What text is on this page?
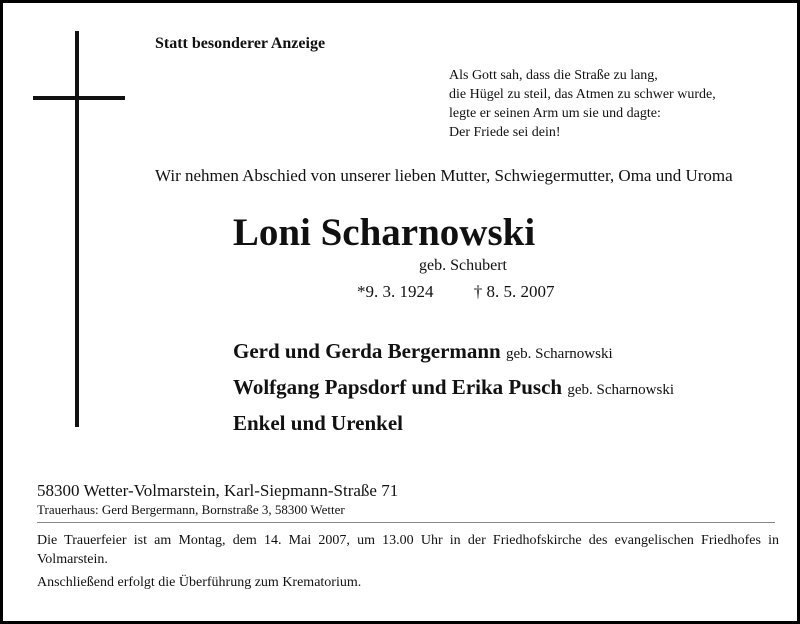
Statt besonderer Anzeige
Als Gott sah, dass die Straße zu lang,
die Hügel zu steil, das Atmen zu schwer wurde,
legte er seinen Arm um sie und dagte:
Der Friede sei dein!
Wir nehmen Abschied von unserer lieben Mutter, Schwiegermutter, Oma und Uroma
Loni Scharnowski
geb. Schubert
*9. 3. 1924 † 8. 5. 2007
Gerd und Gerda Bergermann geb. Scharnowski
Wolfgang Papsdorf und Erika Pusch geb. Scharnowski
Enkel und Urenkel
58300 Wetter-Volmarstein, Karl-Siepmann-Straße 71
Trauerhaus: Gerd Bergermann, Bornstraße 3, 58300 Wetter
Die Trauerfeier ist am Montag, dem 14. Mai 2007, um 13.00 Uhr in der Friedhofskirche des evangelischen Friedhofes in Volmarstein.
Anschließend erfolgt die Überführung zum Krematorium.
